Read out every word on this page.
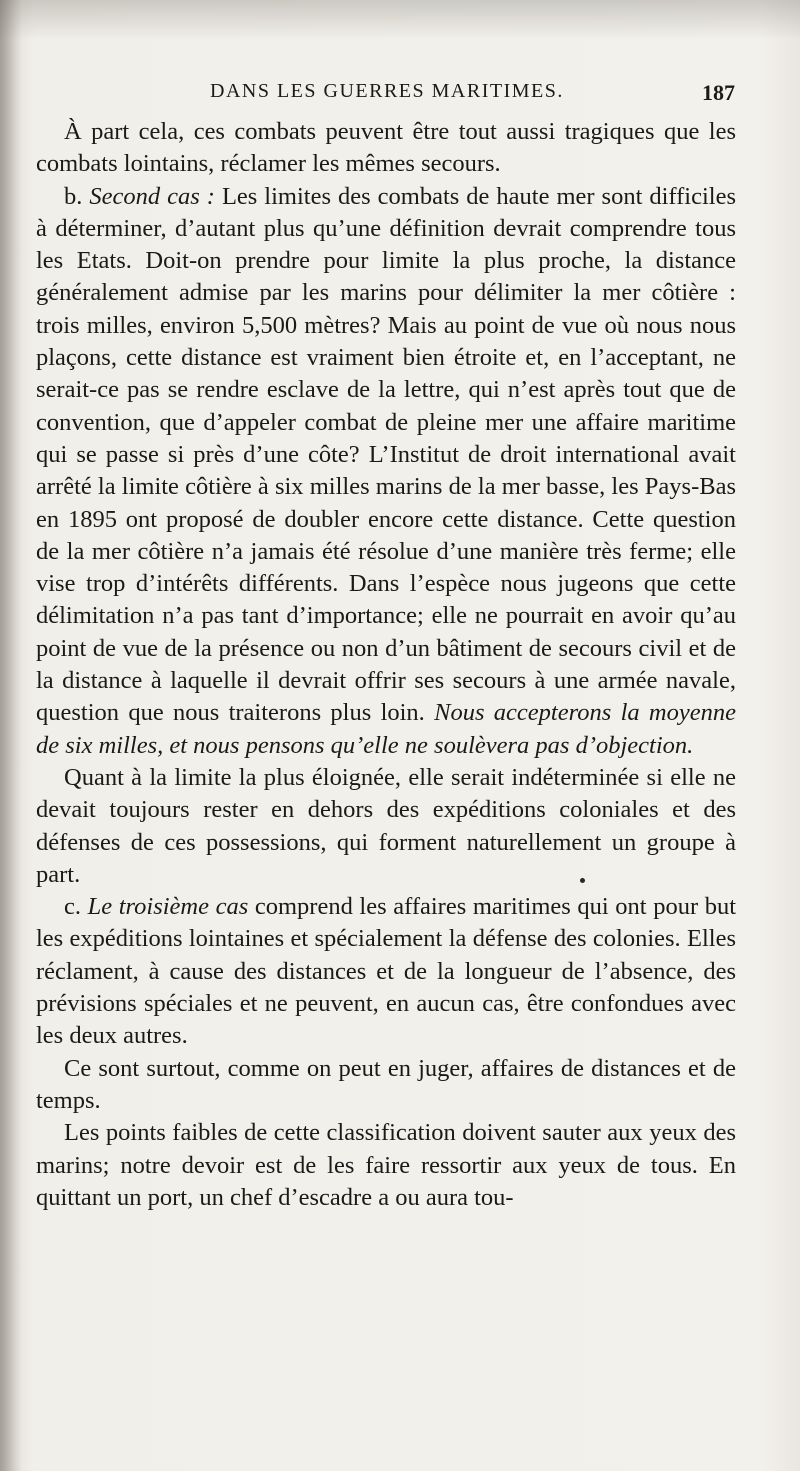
DANS LES GUERRES MARITIMES.	187

À part cela, ces combats peuvent être tout aussi tragiques que les combats lointains, réclamer les mêmes secours.

b. Second cas : Les limites des combats de haute mer sont difficiles à déterminer, d’autant plus qu’une définition devrait comprendre tous les Etats. Doit-on prendre pour limite la plus proche, la distance généralement admise par les marins pour délimiter la mer côtière : trois milles, environ 5,500 mètres? Mais au point de vue où nous nous plaçons, cette distance est vraiment bien étroite et, en l’acceptant, ne serait-ce pas se rendre esclave de la lettre, qui n’est après tout que de convention, que d’appeler combat de pleine mer une affaire maritime qui se passe si près d’une côte? L’Institut de droit international avait arrêté la limite côtière à six milles marins de la mer basse, les Pays-Bas en 1895 ont proposé de doubler encore cette distance. Cette question de la mer côtière n’a jamais été résolue d’une manière très ferme; elle vise trop d’intérêts différents. Dans l’espèce nous jugeons que cette délimitation n’a pas tant d’importance; elle ne pourrait en avoir qu’au point de vue de la présence ou non d’un bâtiment de secours civil et de la distance à laquelle il devrait offrir ses secours à une armée navale, question que nous traiterons plus loin. Nous accepterons la moyenne de six milles, et nous pensons qu’elle ne soulèvera pas d’objection.

Quant à la limite la plus éloignée, elle serait indéterminée si elle ne devait toujours rester en dehors des expéditions coloniales et des défenses de ces possessions, qui forment naturellement un groupe à part.

c. Le troisième cas comprend les affaires maritimes qui ont pour but les expéditions lointaines et spécialement la défense des colonies. Elles réclament, à cause des distances et de la longueur de l’absence, des prévisions spéciales et ne peuvent, en aucun cas, être confondues avec les deux autres.

Ce sont surtout, comme on peut en juger, affaires de distances et de temps.

Les points faibles de cette classification doivent sauter aux yeux des marins; notre devoir est de les faire ressortir aux yeux de tous. En quittant un port, un chef d’escadre a ou aura tou-
